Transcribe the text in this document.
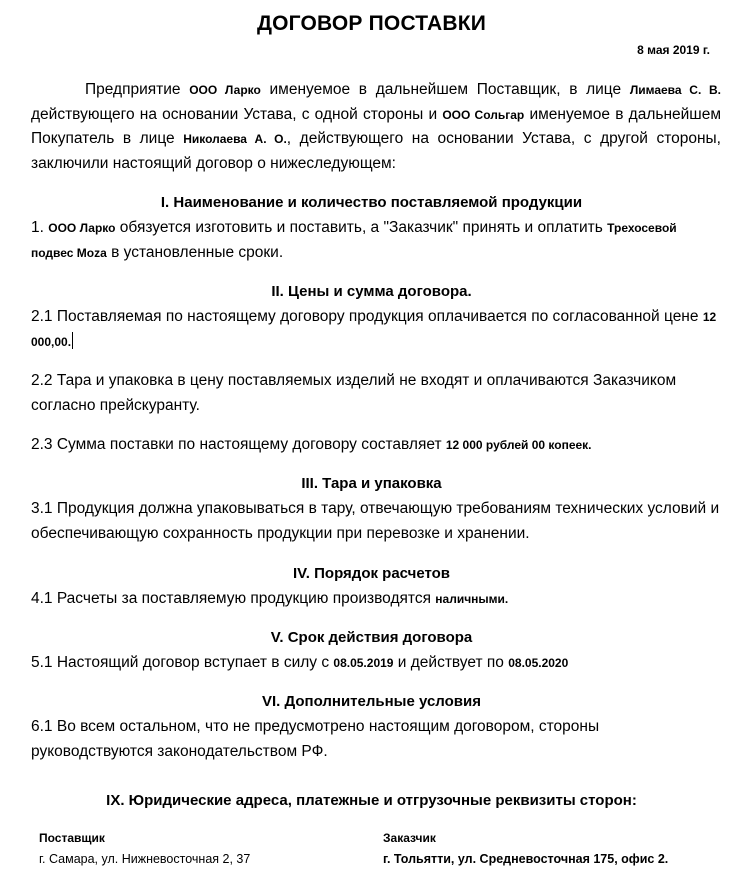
ДОГОВОР ПОСТАВКИ
8 мая 2019 г.
Предприятие ООО Ларко именуемое в дальнейшем Поставщик, в лице Лимаева С. В. действующего на основании Устава, с одной стороны и ООО Сольгар именуемое в дальнейшем Покупатель в лице Николаева А. О., действующего на основании Устава, с другой стороны, заключили настоящий договор о нижеследующем:
I. Наименование и количество поставляемой продукции
1. ООО Ларко обязуется изготовить и поставить, а "Заказчик" принять и оплатить Трехосевой подвес Moza в установленные сроки.
II. Цены и сумма договора.
2.1 Поставляемая по настоящему договору продукция оплачивается по согласованной цене 12 000,00.
2.2 Тара и упаковка в цену поставляемых изделий не входят и оплачиваются Заказчиком согласно прейскуранту.
2.3 Сумма поставки по настоящему договору составляет 12 000 рублей 00 копеек.
III. Тара и упаковка
3.1 Продукция должна упаковываться в тару, отвечающую требованиям технических условий и обеспечивающую сохранность продукции при перевозке и хранении.
IV. Порядок расчетов
4.1 Расчеты за поставляемую продукцию производятся наличными.
V. Срок действия договора
5.1 Настоящий договор вступает в силу с 08.05.2019 и действует по 08.05.2020
VI. Дополнительные условия
6.1 Во всем остальном, что не предусмотрено настоящим договором, стороны руководствуются законодательством РФ.
IX. Юридические адреса, платежные и отгрузочные реквизиты сторон:
Поставщик
г. Самара, ул. Нижневосточная 2, 37
Заказчик
г. Тольятти, ул. Средневосточная 175, офис 2.
